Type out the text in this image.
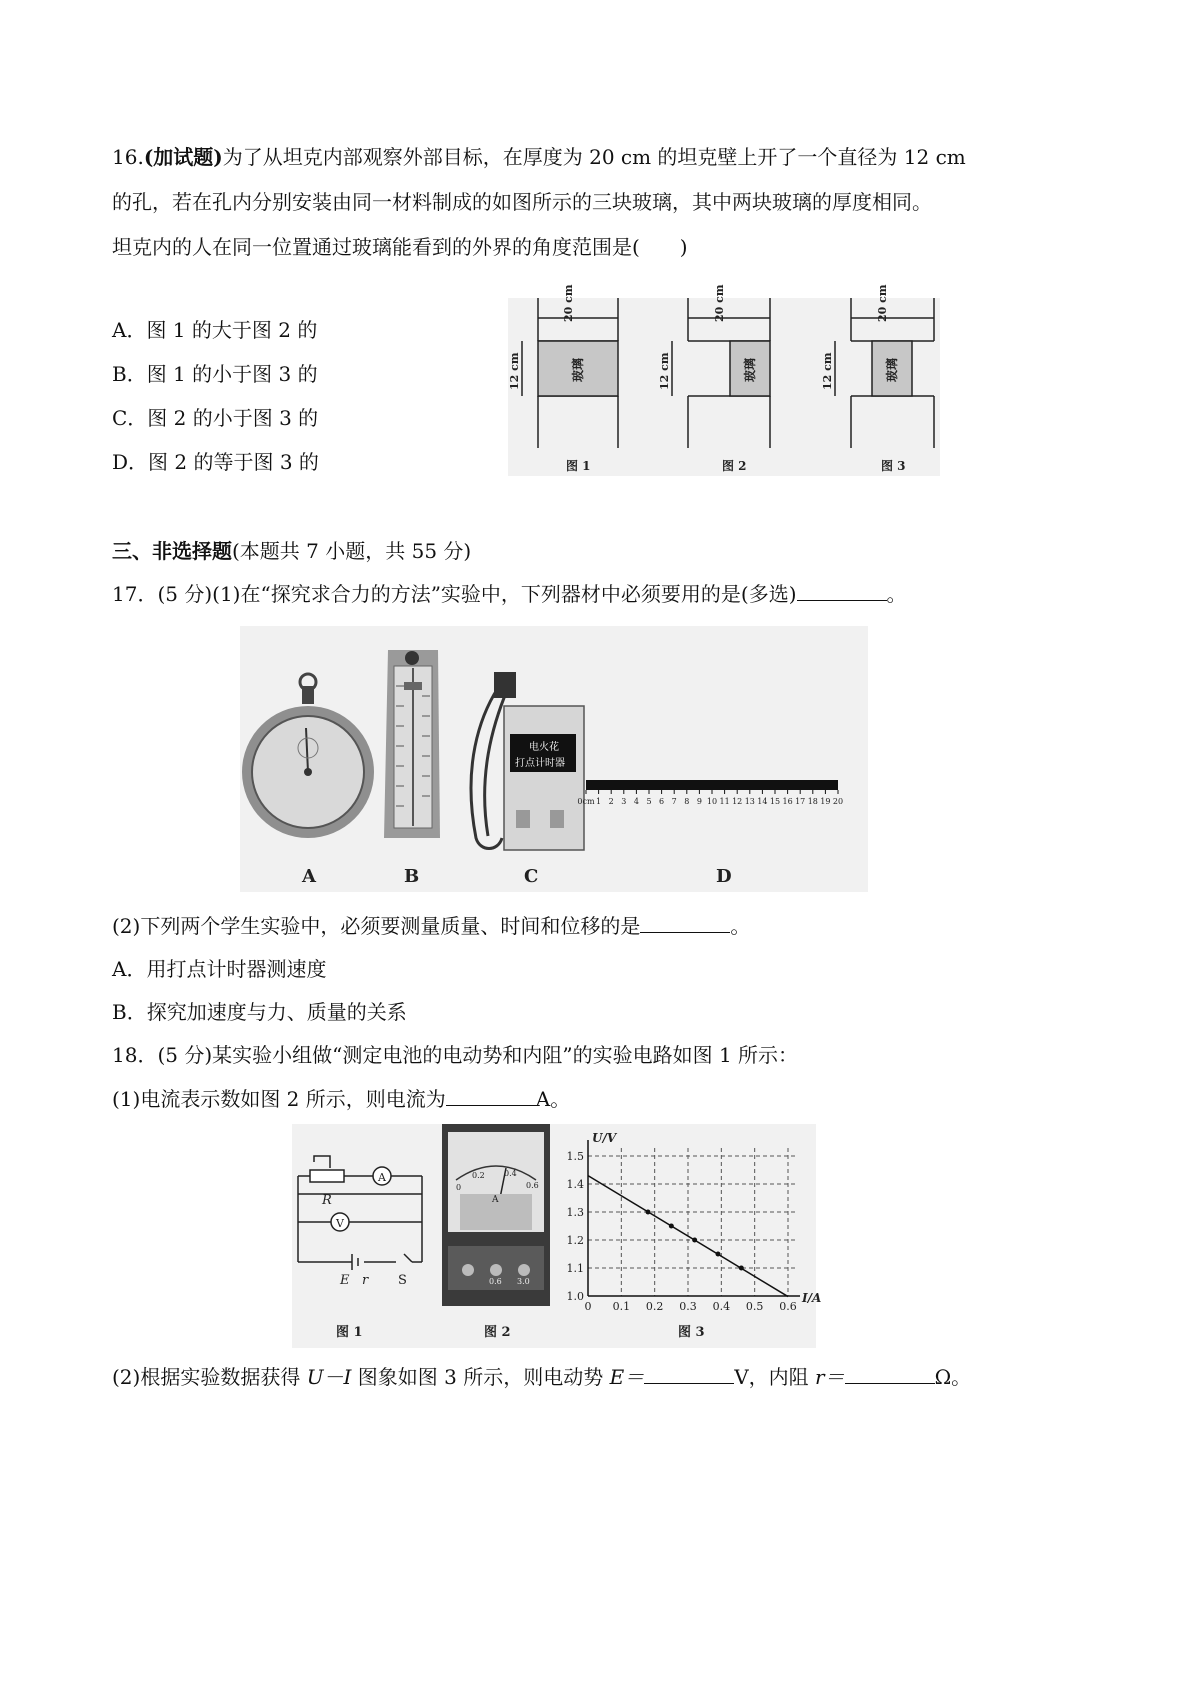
16.(加试题)为了从坦克内部观察外部目标，在厚度为 20 cm 的坦克壁上开了一个直径为 12 cm
的孔，若在孔内分别安装由同一材料制成的如图所示的三块玻璃，其中两块玻璃的厚度相同。
坦克内的人在同一位置通过玻璃能看到的外界的角度范围是(　　)
A．图 1 的大于图 2 的
B．图 1 的小于图 3 的
C．图 2 的小于图 3 的
D．图 2 的等于图 3 的
20 cm	20 cm	20 cm
12 cm	12 cm	12 cm
玻璃	玻璃	玻璃
图 1	图 2	图 3
三、非选择题(本题共 7 小题，共 55 分)
17．(5 分)(1)在“探究求合力的方法”实验中，下列器材中必须要用的是(多选)	。
电火花
打点计时器
0cm 1 2 3 4 5 6 7 8 9 10 11 12 13 14 15 16 17 18 19 20
A	B	C	D
(2)下列两个学生实验中，必须要测量质量、时间和位移的是	。
A．用打点计时器测速度
B．探究加速度与力、质量的关系
18．(5 分)某实验小组做“测定电池的电动势和内阻”的实验电路如图 1 所示：
(1)电流表示数如图 2 所示，则电流为	A。
R
A
V
E r S
图 1
0
0.2 0.4
0.6
A
0.6 3.0
图 2
0 0.1 0.2 0.3 0.4 0.5 0.6
1.0
1.1
1.2
1.3
1.4
1.5
I/A
U/V
图 3
(2)根据实验数据获得 U－I 图象如图 3 所示，则电动势 E＝	V，内阻 r＝	Ω。
